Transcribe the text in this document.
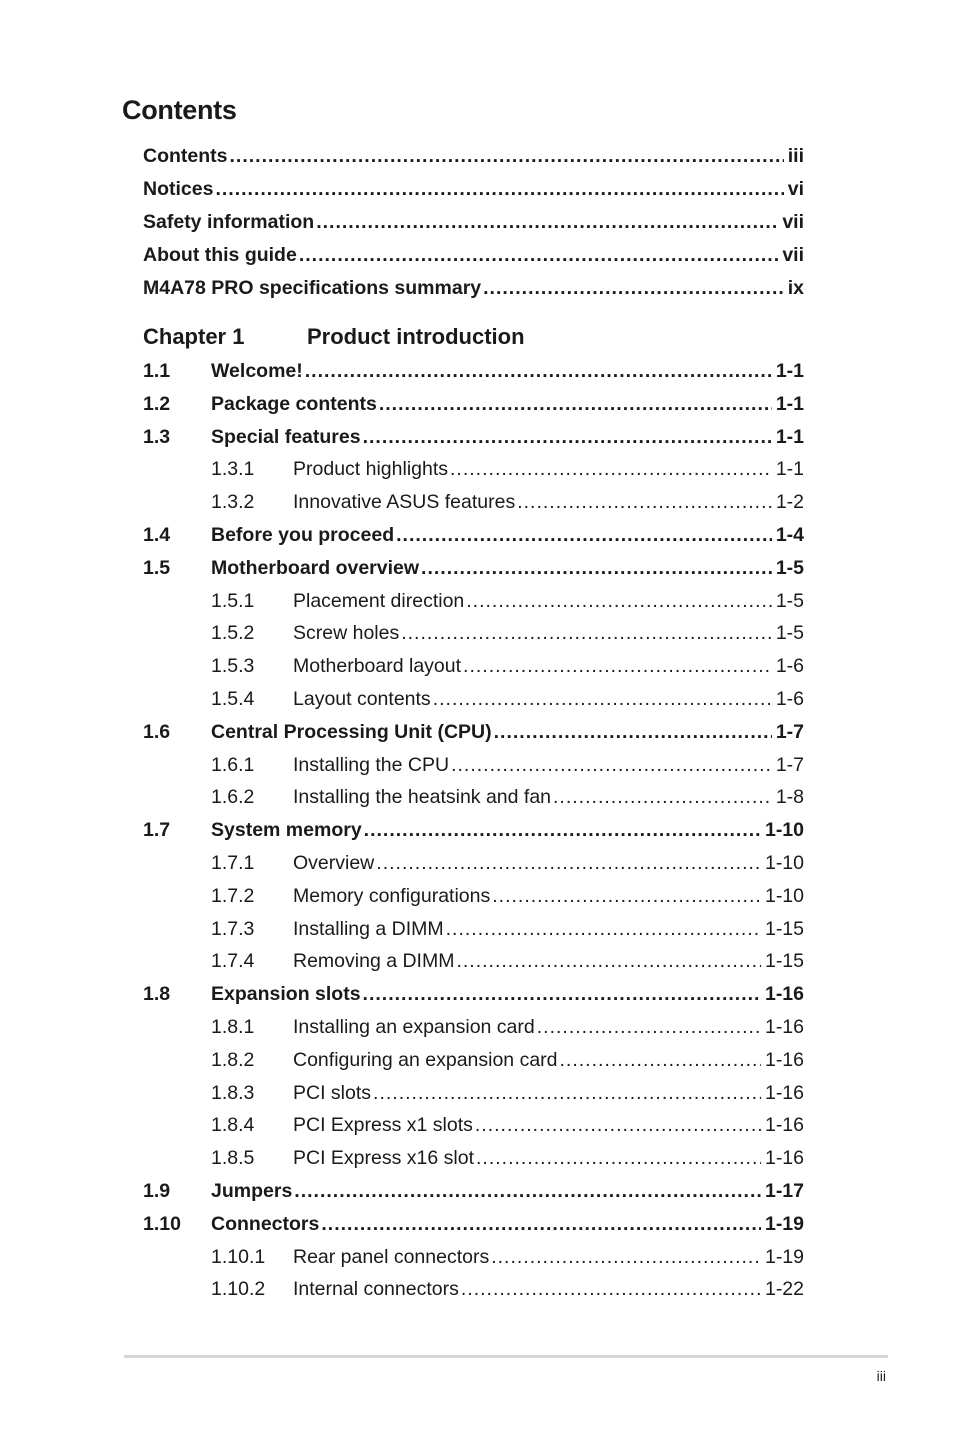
Contents
Contents .....	iii
Notices .....	vi
Safety information .....	vii
About this guide .....	vii
M4A78 PRO specifications summary .....	ix
Chapter 1	Product introduction
1.1	Welcome! .....	1-1
1.2	Package contents .....	1-1
1.3	Special features .....	1-1
1.3.1	Product highlights .....	1-1
1.3.2	Innovative ASUS features .....	1-2
1.4	Before you proceed .....	1-4
1.5	Motherboard overview .....	1-5
1.5.1	Placement direction .....	1-5
1.5.2	Screw holes .....	1-5
1.5.3	Motherboard layout .....	1-6
1.5.4	Layout contents .....	1-6
1.6	Central Processing Unit (CPU) .....	1-7
1.6.1	Installing the CPU .....	1-7
1.6.2	Installing the heatsink and fan .....	1-8
1.7	System memory .....	1-10
1.7.1	Overview .....	1-10
1.7.2	Memory configurations .....	1-10
1.7.3	Installing a DIMM .....	1-15
1.7.4	Removing a DIMM .....	1-15
1.8	Expansion slots .....	1-16
1.8.1	Installing an expansion card .....	1-16
1.8.2	Configuring an expansion card .....	1-16
1.8.3	PCI slots .....	1-16
1.8.4	PCI Express x1 slots .....	1-16
1.8.5	PCI Express x16 slot .....	1-16
1.9	Jumpers .....	1-17
1.10	Connectors .....	1-19
1.10.1	Rear panel connectors .....	1-19
1.10.2	Internal connectors .....	1-22
iii
